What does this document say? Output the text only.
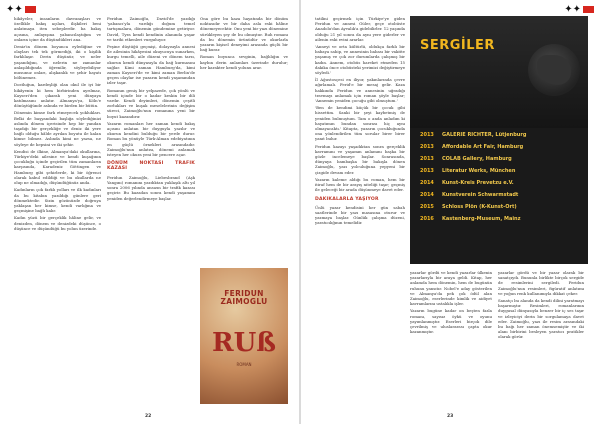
✦✦

hikâyeler, insanların davranışları ve özellikle bakış açıları, ilişkileri beni anlatmaya iten sebeplerdir. ba bakış açısına, anlayışına yabancılaştığım ve onların içine da düşündükleri ana.

Deniz'in dönem boyunca eylediğine ve olayları tek tek görmediği, iki o kişilik farklılaşır. Derin düşünür, ve neler yaşandığını, ve nelerin ne zamanlar anlaşıldığında öğrenilir, söyleyebiliyor musunuz onları, alışkanlık ve şehir hayatı bölünemez.

Dostluğun, kardeşliği olan okul ile iyi bir hikâyenin ki hem birbirinden ayrılmaz, Kayseri'den çıkarak yeni dünyaya katılmasını anlatır. Almanya'ya, Köln'e dönüştüğünde aslında ve birden bir bütün.

Dönemin kimse fark etmeyecek yoklukları. Belki de başyandaki başlığa söylediğinizi aslında dönem içerisinde hep bir yandan taşıdığı bir gerçekliğe ve deniz iki yere bağlı olduğu hâlde ayrılan boyutu ile kalan kimse bilmez. Aslında kimi ne yazsa, ne söyleye de hepsini ve iki şehir.

Kendisi de ilkine, Almanya'daki okullarına, Türkiye'deki ailesine ve kendi kuşağının çocukluğu içinde geçirilen tüm zamanların karşısında, Karadeniz Göttingen ve Hamburg gibi şehirlerde, ki bir öğrenci olarak kabul edildiği ve bu okullarda ne olup ne olmadığı, düşündüğünüz anda.

Kadınların çok farklı yolları ve ilk kadınları da bu kitabın yazıldığı günlere geri dönmektedir. Sizin gözünüzde doğruya yaklaşan her kimse, kendi varlığına ve geçmişine bağlı kalır.

Kadın yüzü bir gerçeklik hâline gelir, ve denizden, dönem ve denizdeki düşünce, o düşünce ve düşündüğü bu yolun üzerinde.

Feridun Zaimoğlu, David'de yazdığı 'yabancı'yla vardığı doğum temel tartışmalara, dönemin gündemine getiriyor. David, Tyra kendi kendinin alanında yaşar ve tarihi etkenleri vurguluyor.

Peşine düştüğü geçmişi, dolayısıyla annesi ile ailesinin hikâyesini okuyucuya sunarken, kurgu temelli, aile düzeni ve dönem tarzı, okurun kendi dünyasıyla da bağ kurmasını sağlar. Kimi zaman Hamburg'da, kimi zaman Kayseri'de ve kimi zaman Berlin'de geçen olaylar ise yazarın kendi yaşamından izler taşır.

Romanın geniş bir yelpazede, çok yönlü ve kendi içinde bir o kadar keskin bir dili vardır. Kendi deyimleri, dönemin çeşitli zorlukları ve kuşak meselelerinin değişim süreci, Zaimoğlu'nun romanına yeni bir boyut kazandırır.

Yazarın romanları her zaman kendi bakış açısını anlatan bir duyguyla yazılır ve okurun kendini bulduğu bir yerde durur. Roman bu yönüyle Türk-Alman edebiyatının en güçlü örnekleri arasındadır. Zaimoğlu'nun anlatısı, dönemi anlamak isteyen her okura yeni bir pencere açar.

DÖNÜM NOKTASI TRAFIK KAZASI

Feridun Zaimoğlu, Liebesbrand (Aşk Yangını) romanını yazdıktan yaklaşık altı yıl sonra 2006 yılında ansızın bir trafik kazası geçirir. Bu kazadan sonra kendi yaşamını yeniden değerlendirmeye başlar.

Ona göre bu kaza hayatında bir dönüm noktasıdır ve bir daha asla eski hâline dönemeyecektir. Onu yeni bir yazı dönemine sürükleyen şey de bu olmuştur. Ruh romanı da bu dönemin ürünüdür ve okurlarla yazarın kişisel deneyimi arasında güçlü bir bağ kurar.

Roman boyunca sevginin, bağlılığın ve kaybın derin anlamları üzerinde durulur; her karakter kendi yolunu arar.

FERIDUN ZAIMOGLU
RUß
ROMAN
22
✦✦

tatilini geçirmek için Türkiye'ye giden Feridun ve annesi Güler, geçe otobüste Anadolu'dan Ayvalık'a gidebilirler. 12 yaşında olduğu 21 yıl sonra da aynı yere giderler ve ailenin eski evini ararlar.

'Anneyi ve orta kültürlü, oldukça farklı bir babaya sahip, ve annesinin babası bir vakitte yaşamış ve çok zor durumlarda çalışmış bir kadın. Annem, otobüs hareket etmeden 15 dakika önce otobüsteki yerimizi değiştirmeye söyledi.'

İl Ağustosçesi en iliyor, yakınlarında çevre ağırlamalı. Ferid'e bir mesaj gelir. Kaza hakkında Feridun ve annesinin uğradığı travmayı anlamak için roman şöyle başlar; 'Annemin yeniden çocuğu gibi olmuştum.'

'Ben de kendimi küçük bir çocuk gibi hissettim. Sanki bir şeyi kaybetmiş de yeniden bulmuştum. Tam o anda anladım ki hayatımın bundan sonrası hiç aynı olmayacaktı.' Kitapta, yazarın çocukluğunda ona yönlendirilen tüm sorular birer birer yanıt bulur.

Feridun kazayı yaşadıktan sonra gerçeklik kavramını ve yaşamın anlamını başka bir gözle incelemeye başlar. Sonrasında, dünyaya bambaşka bir bakışla dönen Zaimoğlu, yazı yolculuğuna yepyeni bir çizgide devam eder.

Yazarın kaleme aldığı bu roman, hem bir itiraf hem de bir arayış niteliği taşır; geçmiş ile geleceği bir arada düşünmeye davet eder.

DAKIKALARLA YAŞIYOR

Ünlü yazar kendisini her gün sabah saatlerinde bir yazı masasına oturur ve yazmaya başlar. Günlük çalışma düzeni, yaratıcılığının temelidir.

SERGİLER
2013	GALERIE RICHTER, Lütjenburg
2013	Affordable Art Fair, Hamburg
2013	COLAB Gallery, Hamburg
2013	Literatur Werks, München
2014	Kunst-Kreis Prevetzu e.V.
2014	Kunstverein Schwarmstadt
2015	Schloss Plön (K-Kunst-Ort)
2016	Kastenberg-Museum, Mainz

yazarlar gördü ve kendi yazarlar ülkenin yazarlarıyla bir araya geldi. Kitap, her anlamda hem dönemin, hem de bugünün ruhunu yansıtır. Nobel'e aday gösterilen ve Almanya'da pek çok ödül alan Zaimoğlu, eserlerinde kimlik ve aidiyet kavramlarını ustalıkla işler.

Yazarın bugüne kadar on beşten fazla romanı, sayısız öykü ve oyunu yayımlanmıştır. Eserleri birçok dile çevrilmiş ve uluslararası çapta okur kazanmıştır.

yazarlar gördü ve bir yazar olarak bir sanatçıydı. Bununla birlikte birçok sergide de resimlerini sergiledi. Feridun Zaimoğlu'nun resimleri, figüratif anlatımı ve yoğun renk kullanımıyla dikkat çeker.

Sanatçı bu alanda da kendi dilini yaratmayı başarmıştır. Resimleri, romanlarının duygusal dünyasıyla benzer bir iç ses taşır ve izleyiciyi derin bir sorgulamaya davet eder. Zaimoğlu, yazı ile resim arasındaki bu bağı her zaman önemsemiştir ve iki alanı birbirini besleyen yaratıcı pratikler olarak görür.

23
